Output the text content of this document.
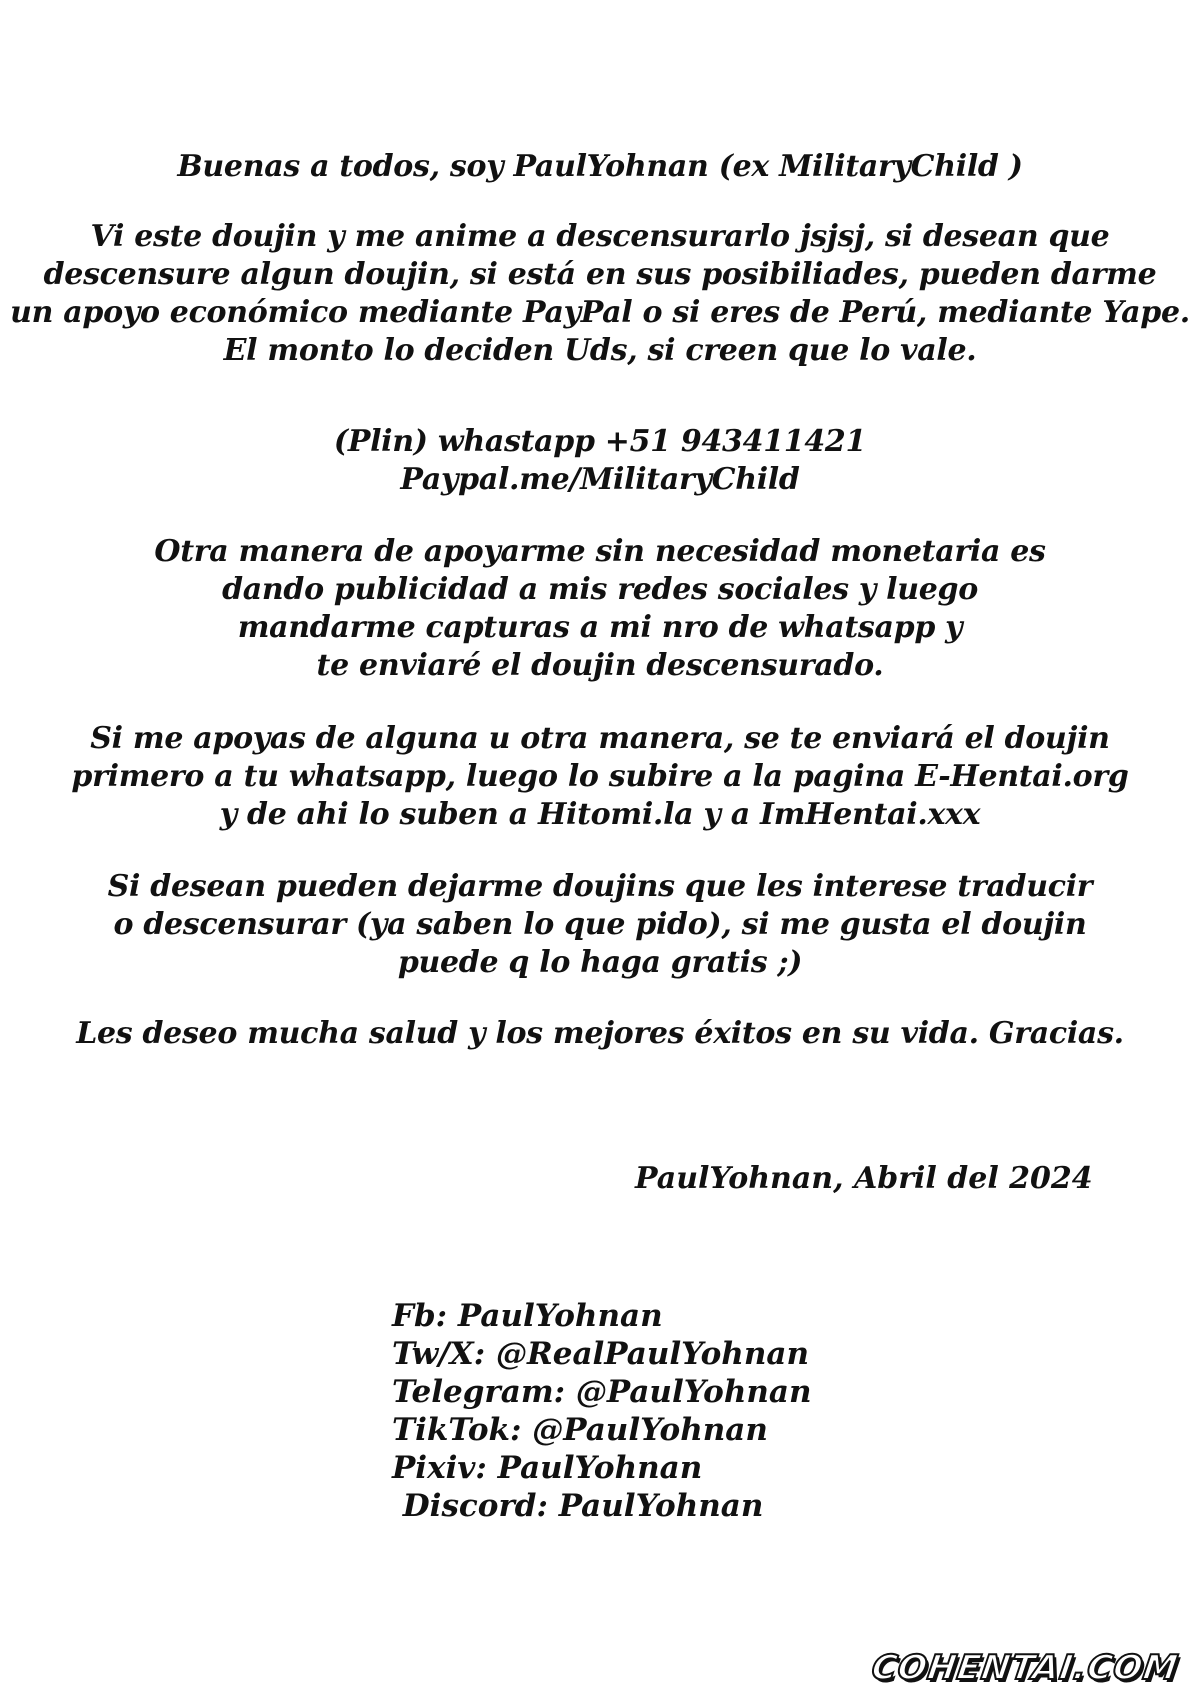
Buenas a todos, soy PaulYohnan (ex MilitaryChild )
Vi este doujin y me anime a descensurarlo jsjsj, si desean que
descensure algun doujin, si está en sus posibiliades, pueden darme
un apoyo económico mediante PayPal o si eres de Perú, mediante Yape.
El monto lo deciden Uds, si creen que lo vale.
(Plin) whastapp +51 943411421
Paypal.me/MilitaryChild
Otra manera de apoyarme sin necesidad monetaria es
dando publicidad a mis redes sociales y luego
mandarme capturas a mi nro de whatsapp y
te enviaré el doujin descensurado.
Si me apoyas de alguna u otra manera, se te enviará el doujin
primero a tu whatsapp, luego lo subire a la pagina E-Hentai.org
y de ahi lo suben a Hitomi.la y a ImHentai.xxx
Si desean pueden dejarme doujins que les interese traducir
o descensurar (ya saben lo que pido), si me gusta el doujin
puede q lo haga gratis ;)
Les deseo mucha salud y los mejores éxitos en su vida. Gracias.
PaulYohnan, Abril del 2024
Fb: PaulYohnan
Tw/X: @RealPaulYohnan
Telegram: @PaulYohnan
TikTok: @PaulYohnan
Pixiv: PaulYohnan
Discord: PaulYohnan
COHENTAI.COM
